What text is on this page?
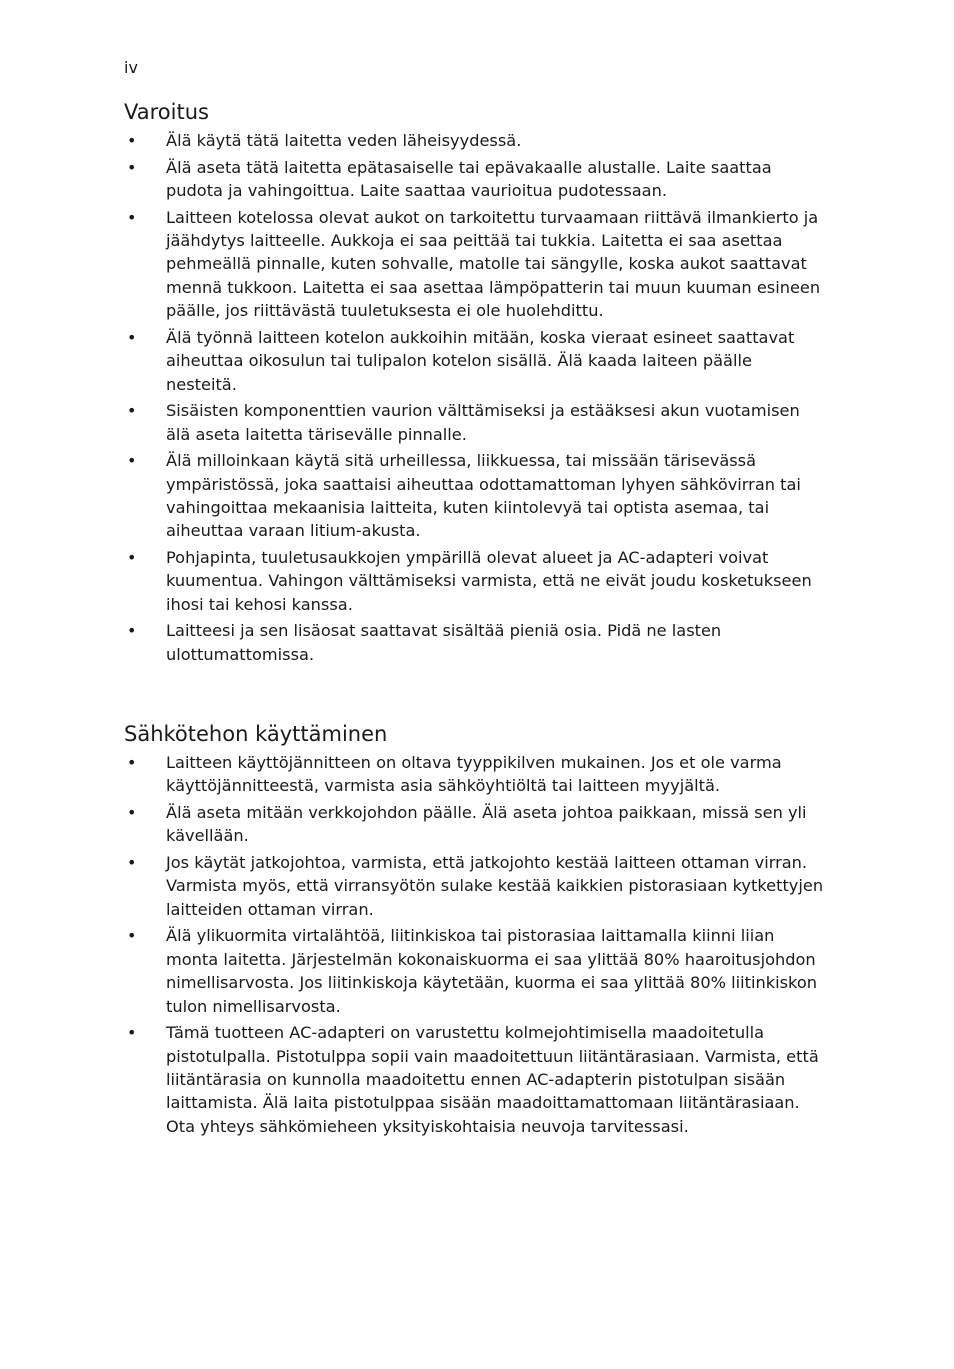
iv
Varoitus
• Älä käytä tätä laitetta veden läheisyydessä.
• Älä aseta tätä laitetta epätasaiselle tai epävakaalle alustalle. Laite saattaa pudota ja vahingoittua. Laite saattaa vaurioitua pudotessaan.
• Laitteen kotelossa olevat aukot on tarkoitettu turvaamaan riittävä ilmankierto ja jäähdytys laitteelle. Aukkoja ei saa peittää tai tukkia. Laitetta ei saa asettaa pehmeällä pinnalle, kuten sohvalle, matolle tai sängylle, koska aukot saattavat mennä tukkoon. Laitetta ei saa asettaa lämpöpatterin tai muun kuuman esineen päälle, jos riittävästä tuuletuksesta ei ole huolehdittu.
• Älä työnnä laitteen kotelon aukkoihin mitään, koska vieraat esineet saattavat aiheuttaa oikosulun tai tulipalon kotelon sisällä. Älä kaada laiteen päälle nesteitä.
• Sisäisten komponenttien vaurion välttämiseksi ja estääksesi akun vuotamisen älä aseta laitetta tärisevälle pinnalle.
• Älä milloinkaan käytä sitä urheillessa, liikkuessa, tai missään tärisevässä ympäristössä, joka saattaisi aiheuttaa odottamattoman lyhyen sähkövirran tai vahingoittaa mekaanisia laitteita, kuten kiintolevyä tai optista asemaa, tai aiheuttaa varaan litium-akusta.
• Pohjapinta, tuuletusaukkojen ympärillä olevat alueet ja AC-adapteri voivat kuumentua. Vahingon välttämiseksi varmista, että ne eivät joudu kosketukseen ihosi tai kehosi kanssa.
• Laitteesi ja sen lisäosat saattavat sisältää pieniä osia. Pidä ne lasten ulottumattomissa.
Sähkötehon käyttäminen
• Laitteen käyttöjännitteen on oltava tyyppikilven mukainen. Jos et ole varma käyttöjännitteestä, varmista asia sähköyhtiöltä tai laitteen myyjältä.
• Älä aseta mitään verkkojohdon päälle. Älä aseta johtoa paikkaan, missä sen yli kävellään.
• Jos käytät jatkojohtoa, varmista, että jatkojohto kestää laitteen ottaman virran. Varmista myös, että virransyötön sulake kestää kaikkien pistorasiaan kytkettyjen laitteiden ottaman virran.
• Älä ylikuormita virtalähtöä, liitinkiskoa tai pistorasiaa laittamalla kiinni liian monta laitetta. Järjestelmän kokonaiskuorma ei saa ylittää 80% haaroitusjohdon nimellisarvosta. Jos liitinkiskoja käytetään, kuorma ei saa ylittää 80% liitinkiskon tulon nimellisarvosta.
• Tämä tuotteen AC-adapteri on varustettu kolmejohtimisella maadoitetulla pistotulpalla. Pistotulppa sopii vain maadoitettuun liitäntärasiaan. Varmista, että liitäntärasia on kunnolla maadoitettu ennen AC-adapterin pistotulpan sisään laittamista. Älä laita pistotulppaa sisään maadoittamattomaan liitäntärasiaan. Ota yhteys sähkömieheen yksityiskohtaisia neuvoja tarvitessasi.
